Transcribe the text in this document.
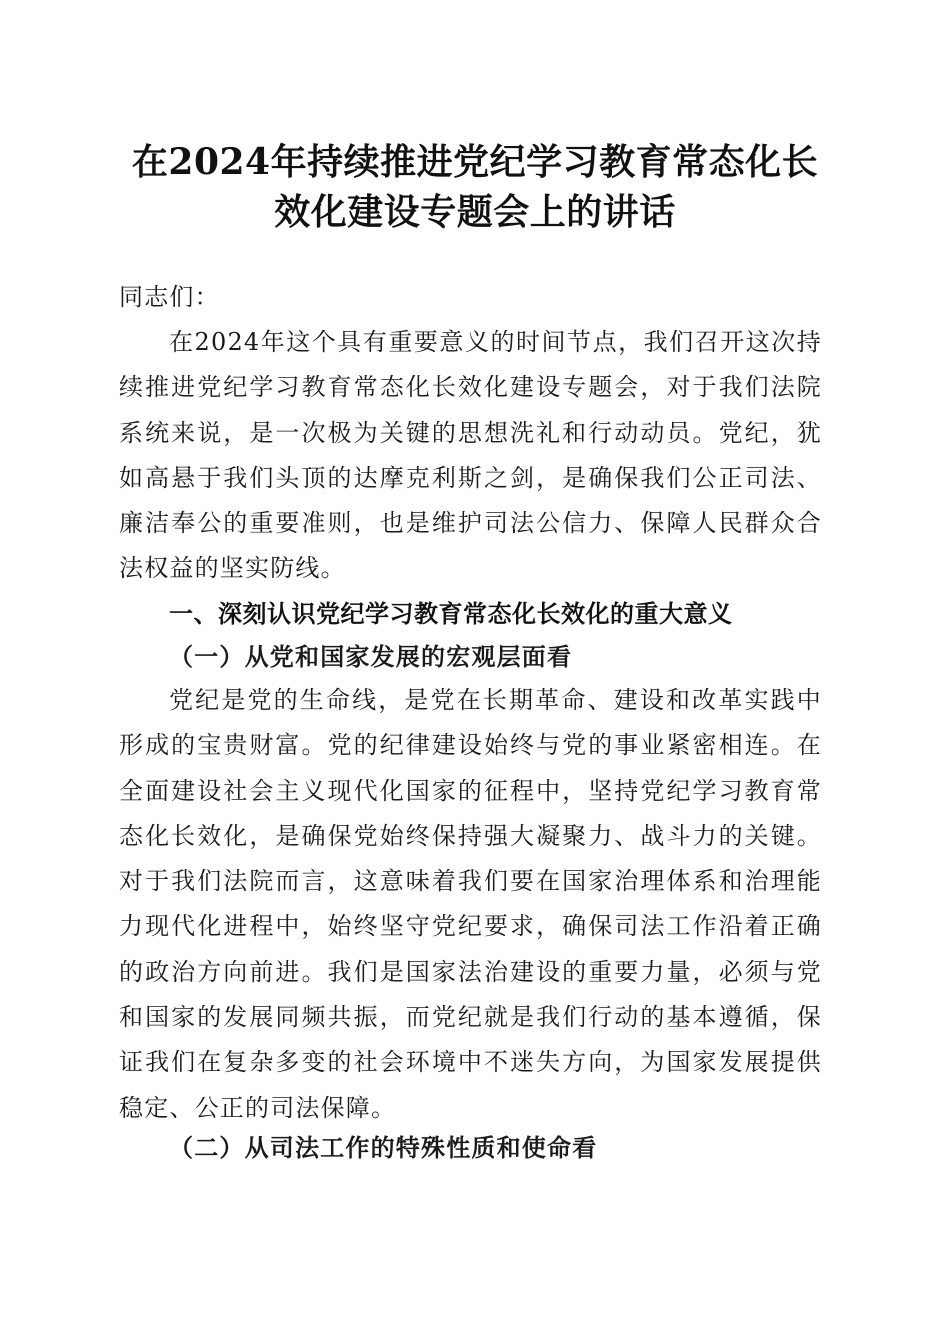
在2024年持续推进党纪学习教育常态化长效化建设专题会上的讲话

同志们：

在2024年这个具有重要意义的时间节点，我们召开这次持续推进党纪学习教育常态化长效化建设专题会，对于我们法院系统来说，是一次极为关键的思想洗礼和行动动员。党纪，犹如高悬于我们头顶的达摩克利斯之剑，是确保我们公正司法、廉洁奉公的重要准则，也是维护司法公信力、保障人民群众合法权益的坚实防线。

一、深刻认识党纪学习教育常态化长效化的重大意义
（一）从党和国家发展的宏观层面看

党纪是党的生命线，是党在长期革命、建设和改革实践中形成的宝贵财富。党的纪律建设始终与党的事业紧密相连。在全面建设社会主义现代化国家的征程中，坚持党纪学习教育常态化长效化，是确保党始终保持强大凝聚力、战斗力的关键。对于我们法院而言，这意味着我们要在国家治理体系和治理能力现代化进程中，始终坚守党纪要求，确保司法工作沿着正确的政治方向前进。我们是国家法治建设的重要力量，必须与党和国家的发展同频共振，而党纪就是我们行动的基本遵循，保证我们在复杂多变的社会环境中不迷失方向，为国家发展提供稳定、公正的司法保障。

（二）从司法工作的特殊性质和使命看
